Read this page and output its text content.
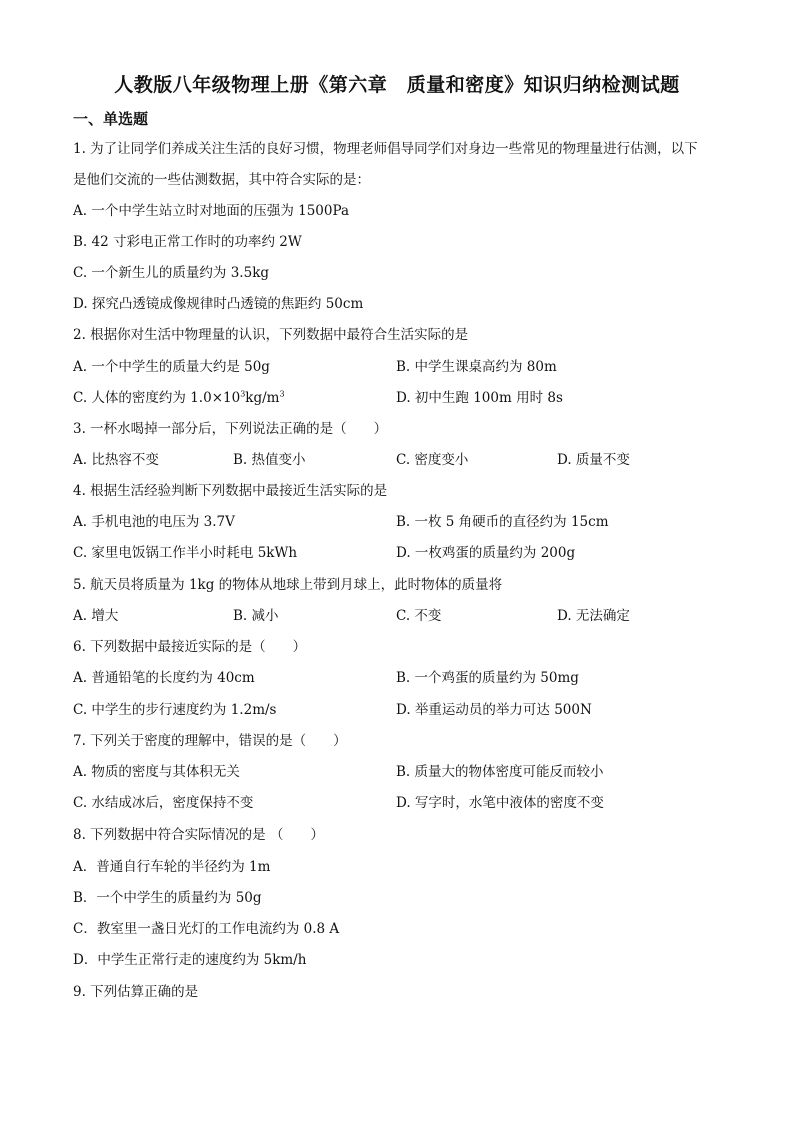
人教版八年级物理上册《第六章　质量和密度》知识归纳检测试题
一、单选题
1. 为了让同学们养成关注生活的良好习惯，物理老师倡导同学们对身边一些常见的物理量进行估测，以下
是他们交流的一些估测数据，其中符合实际的是：
A. 一个中学生站立时对地面的压强为 1500Pa
B. 42 寸彩电正常工作时的功率约 2W
C. 一个新生儿的质量约为 3.5kg
D. 探究凸透镜成像规律时凸透镜的焦距约 50cm
2. 根据你对生活中物理量的认识，下列数据中最符合生活实际的是
A. 一个中学生的质量大约是 50g	B. 中学生课桌高约为 80m
C. 人体的密度约为 $1.0\times 10^3kg/m^3$	D. 初中生跑 100m 用时 8s
3. 一杯水喝掉一部分后，下列说法正确的是（　　）
A. 比热容不变	B. 热值变小	C. 密度变小	D. 质量不变
4. 根据生活经验判断下列数据中最接近生活实际的是
A. 手机电池的电压为 3.7V	B. 一枚 5 角硬币的直径约为 15cm
C. 家里电饭锅工作半小时耗电 5kWh	D. 一枚鸡蛋的质量约为 200g
5. 航天员将质量为 1kg 的物体从地球上带到月球上，此时物体的质量将
A. 增大	B. 减小	C. 不变	D. 无法确定
6. 下列数据中最接近实际的是（　　）
A. 普通铅笔的长度约为 40cm	B. 一个鸡蛋的质量约为 50mg
C. 中学生的步行速度约为 1.2m/s	D. 举重运动员的举力可达 500N
7. 下列关于密度的理解中，错误的是（　　）
A. 物质的密度与其体积无关	B. 质量大的物体密度可能反而较小
C. 水结成冰后，密度保持不变	D. 写字时，水笔中液体的密度不变
8. 下列数据中符合实际情况的是 （　　）
A．普通自行车轮的半径约为 1m
B．一个中学生的质量约为 50g
C．教室里一盏日光灯的工作电流约为 0.8 A
D．中学生正常行走的速度约为 5km/h
9. 下列估算正确的是
